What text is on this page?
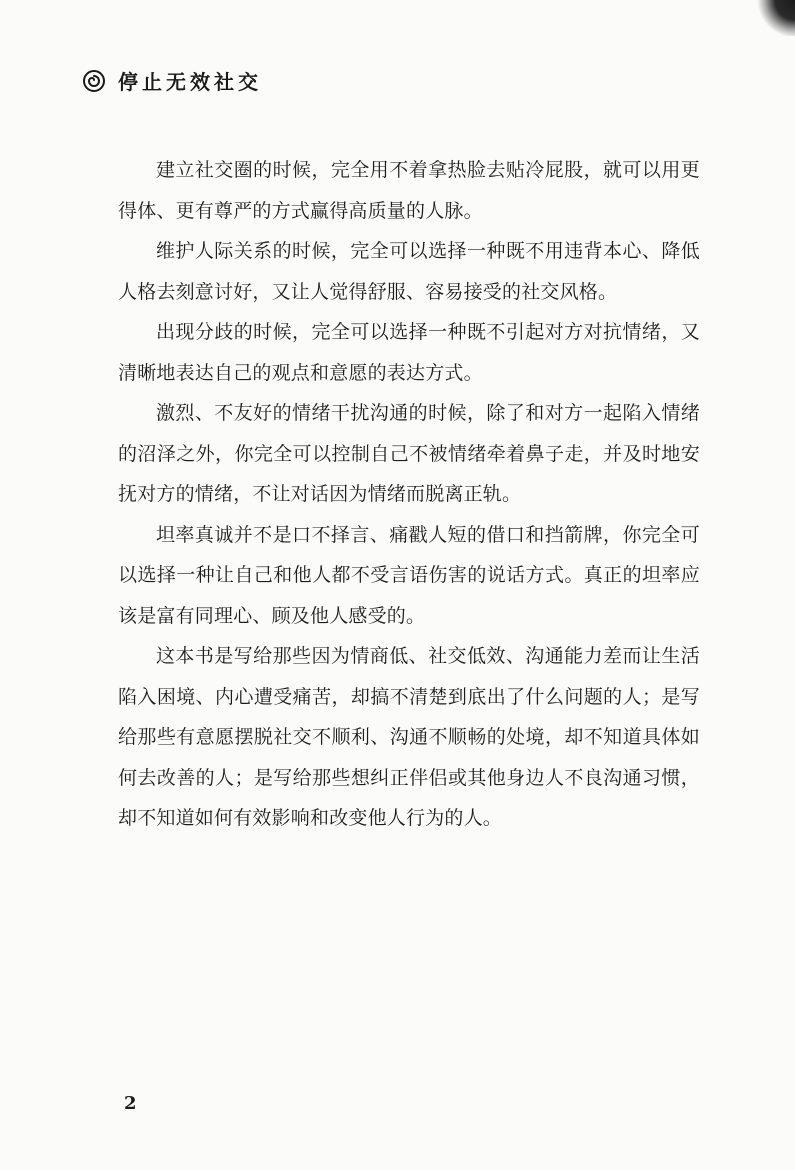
停止无效社交

建立社交圈的时候，完全用不着拿热脸去贴冷屁股，就可以用更得体、更有尊严的方式赢得高质量的人脉。

维护人际关系的时候，完全可以选择一种既不用违背本心、降低人格去刻意讨好，又让人觉得舒服、容易接受的社交风格。

出现分歧的时候，完全可以选择一种既不引起对方对抗情绪，又清晰地表达自己的观点和意愿的表达方式。

激烈、不友好的情绪干扰沟通的时候，除了和对方一起陷入情绪的沼泽之外，你完全可以控制自己不被情绪牵着鼻子走，并及时地安抚对方的情绪，不让对话因为情绪而脱离正轨。

坦率真诚并不是口不择言、痛戳人短的借口和挡箭牌，你完全可以选择一种让自己和他人都不受言语伤害的说话方式。真正的坦率应该是富有同理心、顾及他人感受的。

这本书是写给那些因为情商低、社交低效、沟通能力差而让生活陷入困境、内心遭受痛苦，却搞不清楚到底出了什么问题的人；是写给那些有意愿摆脱社交不顺利、沟通不顺畅的处境，却不知道具体如何去改善的人；是写给那些想纠正伴侣或其他身边人不良沟通习惯，却不知道如何有效影响和改变他人行为的人。

2
